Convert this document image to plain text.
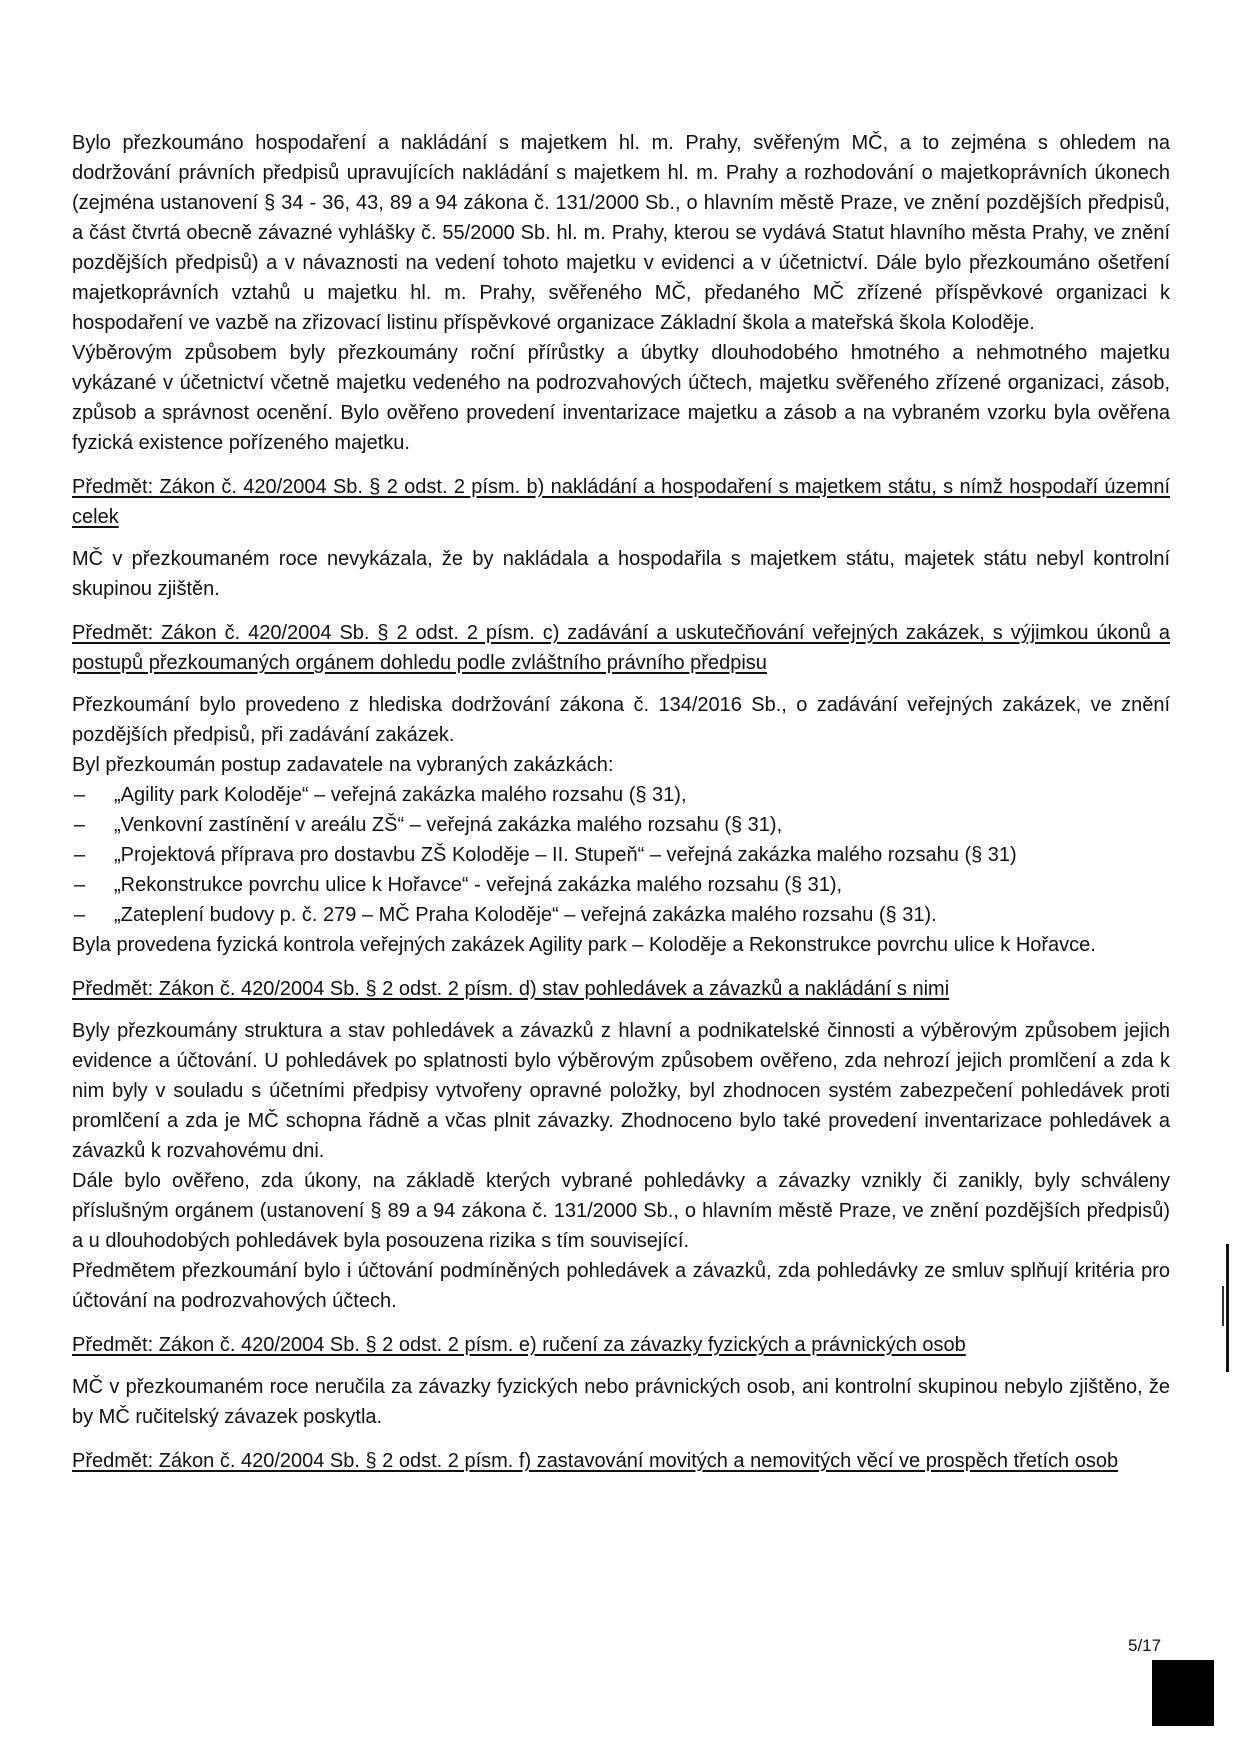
Bylo přezkoumáno hospodaření a nakládání s majetkem hl. m. Prahy, svěřeným MČ, a to zejména s ohledem na dodržování právních předpisů upravujících nakládání s majetkem hl. m. Prahy a rozhodování o majetkoprávních úkonech (zejména ustanovení § 34 - 36, 43, 89 a 94 zákona č. 131/2000 Sb., o hlavním městě Praze, ve znění pozdějších předpisů, a část čtvrtá obecně závazné vyhlášky č. 55/2000 Sb. hl. m. Prahy, kterou se vydává Statut hlavního města Prahy, ve znění pozdějších předpisů) a v návaznosti na vedení tohoto majetku v evidenci a v účetnictví. Dále bylo přezkoumáno ošetření majetkoprávních vztahů u majetku hl. m. Prahy, svěřeného MČ, předaného MČ zřízené příspěvkové organizaci k hospodaření ve vazbě na zřizovací listinu příspěvkové organizace Základní škola a mateřská škola Koloděje.

Výběrovým způsobem byly přezkoumány roční přírůstky a úbytky dlouhodobého hmotného a nehmotného majetku vykázané v účetnictví včetně majetku vedeného na podrozvahových účtech, majetku svěřeného zřízené organizaci, zásob, způsob a správnost ocenění. Bylo ověřeno provedení inventarizace majetku a zásob a na vybraném vzorku byla ověřena fyzická existence pořízeného majetku.

Předmět: Zákon č. 420/2004 Sb. § 2 odst. 2 písm. b) nakládání a hospodaření s majetkem státu, s nímž hospodaří územní celek

MČ v přezkoumaném roce nevykázala, že by nakládala a hospodařila s majetkem státu, majetek státu nebyl kontrolní skupinou zjištěn.

Předmět: Zákon č. 420/2004 Sb. § 2 odst. 2 písm. c) zadávání a uskutečňování veřejných zakázek, s výjimkou úkonů a postupů přezkoumaných orgánem dohledu podle zvláštního právního předpisu

Přezkoumání bylo provedeno z hlediska dodržování zákona č. 134/2016 Sb., o zadávání veřejných zakázek, ve znění pozdějších předpisů, při zadávání zakázek.

Byl přezkoumán postup zadavatele na vybraných zakázkách:

– „Agility park Koloděje“ – veřejná zakázka malého rozsahu (§ 31),
– „Venkovní zastínění v areálu ZŠ“ – veřejná zakázka malého rozsahu (§ 31),
– „Projektová příprava pro dostavbu ZŠ Koloděje – II. Stupeň“ – veřejná zakázka malého rozsahu (§ 31)
– „Rekonstrukce povrchu ulice k Hořavce“ - veřejná zakázka malého rozsahu (§ 31),
– „Zateplení budovy p. č. 279 – MČ Praha Koloděje“ – veřejná zakázka malého rozsahu (§ 31).

Byla provedena fyzická kontrola veřejných zakázek Agility park – Koloděje a Rekonstrukce povrchu ulice k Hořavce.

Předmět: Zákon č. 420/2004 Sb. § 2 odst. 2 písm. d) stav pohledávek a závazků a nakládání s nimi

Byly přezkoumány struktura a stav pohledávek a závazků z hlavní a podnikatelské činnosti a výběrovým způsobem jejich evidence a účtování. U pohledávek po splatnosti bylo výběrovým způsobem ověřeno, zda nehrozí jejich promlčení a zda k nim byly v souladu s účetními předpisy vytvořeny opravné položky, byl zhodnocen systém zabezpečení pohledávek proti promlčení a zda je MČ schopna řádně a včas plnit závazky. Zhodnoceno bylo také provedení inventarizace pohledávek a závazků k rozvahovému dni.

Dále bylo ověřeno, zda úkony, na základě kterých vybrané pohledávky a závazky vznikly či zanikly, byly schváleny příslušným orgánem (ustanovení § 89 a 94 zákona č. 131/2000 Sb., o hlavním městě Praze, ve znění pozdějších předpisů) a u dlouhodobých pohledávek byla posouzena rizika s tím související.

Předmětem přezkoumání bylo i účtování podmíněných pohledávek a závazků, zda pohledávky ze smluv splňují kritéria pro účtování na podrozvahových účtech.

Předmět: Zákon č. 420/2004 Sb. § 2 odst. 2 písm. e) ručení za závazky fyzických a právnických osob

MČ v přezkoumaném roce neručila za závazky fyzických nebo právnických osob, ani kontrolní skupinou nebylo zjištěno, že by MČ ručitelský závazek poskytla.

Předmět: Zákon č. 420/2004 Sb. § 2 odst. 2 písm. f) zastavování movitých a nemovitých věcí ve prospěch třetích osob

5/17
